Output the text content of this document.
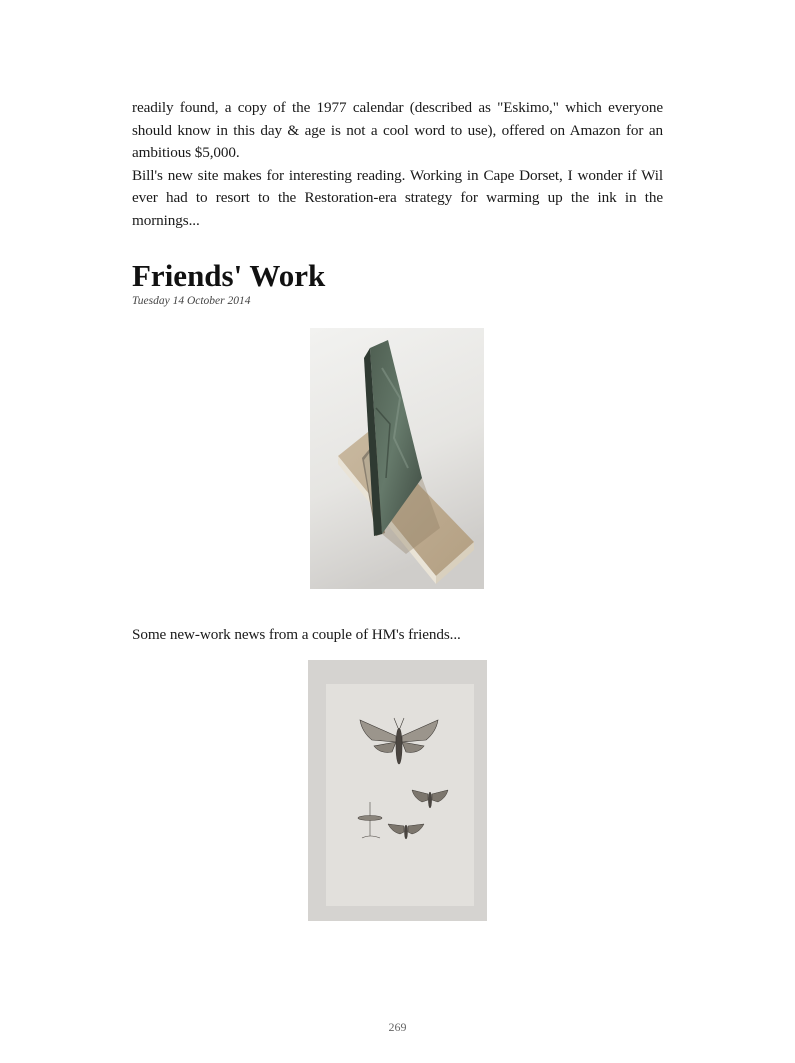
readily found, a copy of the 1977 calendar (described as "Eskimo," which everyone should know in this day & age is not a cool word to use), offered on Amazon for an ambitious $5,000.

Bill's new site makes for interesting reading. Working in Cape Dorset, I wonder if Wil ever had to resort to the Restoration-era strategy for warming up the ink in the mornings...

Friends' Work
Tuesday 14 October 2014

Some new-work news from a couple of HM's friends...

269
